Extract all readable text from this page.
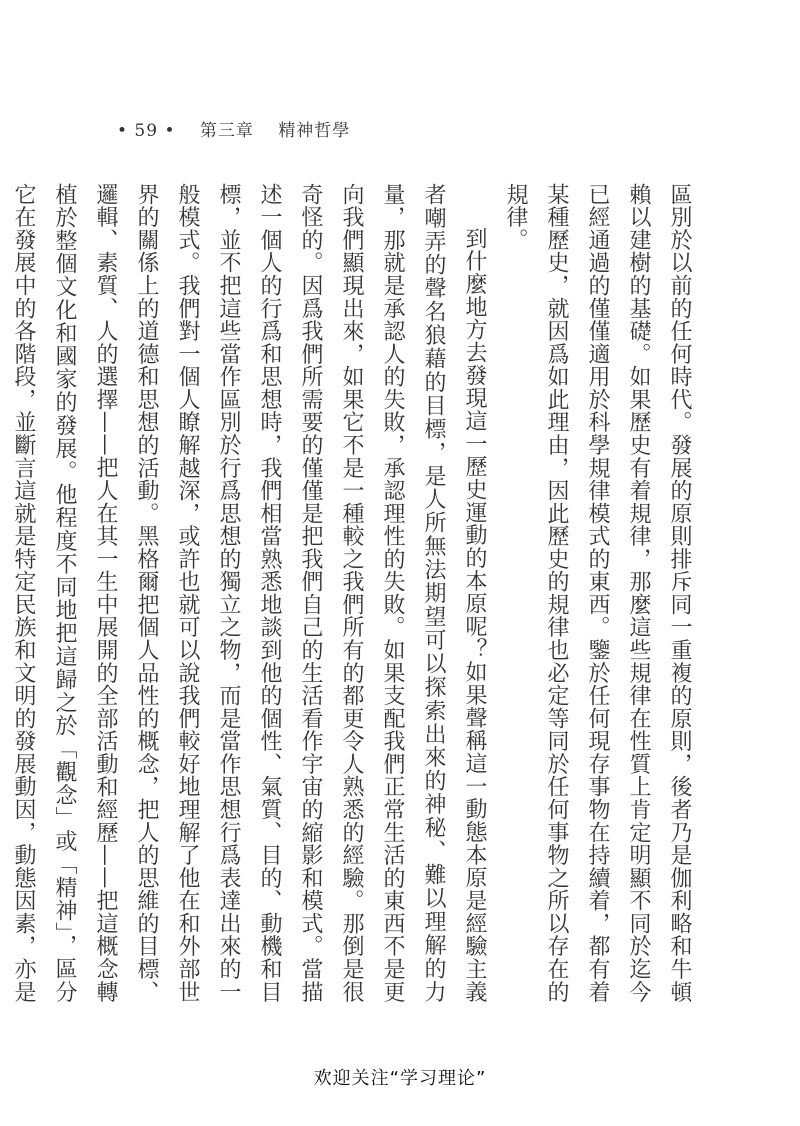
• 59 • 第三章 精神哲學

區別於以前的任何時代。發展的原則排斥同一重複的原則，後者乃是伽利略和牛頓賴以建樹的基礎。如果歷史有着規律，那麼這些規律在性質上肯定明顯不同於迄今已經通過的僅僅適用於科學規律模式的東西。鑒於任何現存事物在持續着，都有着某種歷史，就因爲如此理由，因此歷史的規律也必定等同於任何事物之所以存在的規律。

到什麼地方去發現這一歷史運動的本原呢？如果聲稱這一動態本原是經驗主義者嘲弄的聲名狼藉的目標，是人所無法期望可以探索出來的神秘、難以理解的力量，那就是承認人的失敗，承認理性的失敗。如果支配我們正常生活的東西不是更向我們顯現出來，如果它不是一種較之我們所有的都更令人熟悉的經驗。那倒是很奇怪的。因爲我們所需要的僅僅是把我們自己的生活看作宇宙的縮影和模式。當描述一個人的行爲和思想時，我們相當熟悉地談到他的個性、氣質、目的、動機和目標，並不把這些當作區別於行爲思想的獨立之物，而是當作思想行爲表達出來的一般模式。我們對一個人瞭解越深，或許也就可以說我們較好地理解了他在和外部世界的關係上的道德和思想的活動。黑格爾把個人品性的概念，把人的思維的目標、邏輯、素質、人的選擇——把人在其一生中展開的全部活動和經歷——把這概念轉植於整個文化和國家的發展。他程度不同地把這歸之於「觀念」或「精神」，區分它在發展中的各階段，並斷言這就是特定民族和文明的發展動因，動態因素，亦是

欢迎关注“学习理论”
